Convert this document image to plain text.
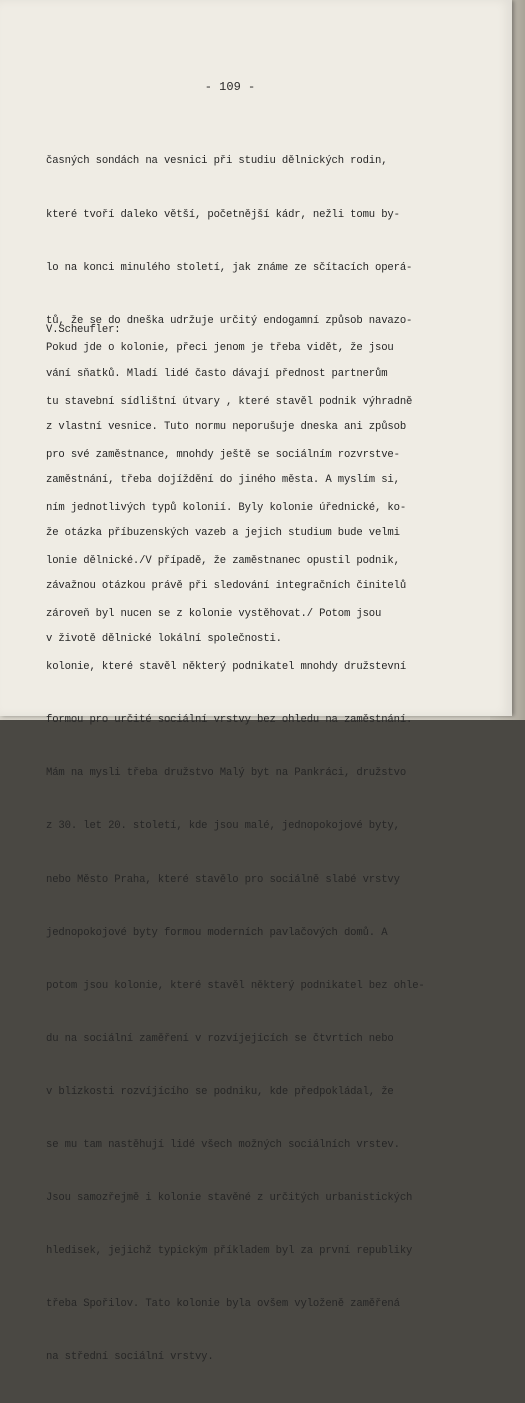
- 109 -

časných sondách na vesnici při studiu dělnických rodin,

které tvoří daleko větší, početnější kádr, nežli tomu by-

lo na konci minulého století, jak známe ze sčítacích operá-

tů, že se do dneška udržuje určitý endogamní způsob navazo-

vání sňatků. Mladí lidé často dávají přednost partnerům

z vlastní vesnice. Tuto normu neporušuje dneska ani způsob

zaměstnání, třeba dojíždění do jiného města. A myslím si,

že otázka příbuzenských vazeb a jejich studium bude velmi

závažnou otázkou právě při sledování integračních činitelů

v životě dělnické lokální společnosti.

V.Scheufler:

Pokud jde o kolonie, přeci jenom je třeba vidět, že jsou

tu stavební sídlištní útvary , které stavěl podnik výhradně

pro své zaměstnance, mnohdy ještě se sociálním rozvrstve-

ním jednotlivých typů kolonií. Byly kolonie úřednické, ko-

lonie dělnické./V případě, že zaměstnanec opustil podnik,

zároveň byl nucen se z kolonie vystěhovat./ Potom jsou

kolonie, které stavěl některý podnikatel mnohdy družstevní

formou pro určité sociální vrstvy bez ohledu na zaměstnání.

Mám na mysli třeba družstvo Malý byt na Pankráci, družstvo

z 30. let 20. století, kde jsou malé, jednopokojové byty,

nebo Město Praha, které stavělo pro sociálně slabé vrstvy

jednopokojové byty formou moderních pavlačových domů. A

potom jsou kolonie, které stavěl některý podnikatel bez ohle-

du na sociální zaměření v rozvíjejících se čtvrtích nebo

v blízkosti rozvíjícího se podniku, kde předpokládal, že

se mu tam nastěhují lidé všech možných sociálních vrstev.

Jsou samozřejmě i kolonie stavěné z určitých urbanistických

hledisek, jejichž typickým příkladem byl za první republiky

třeba Spořilov. Tato kolonie byla ovšem vyloženě zaměřená

na střední sociální vrstvy.
